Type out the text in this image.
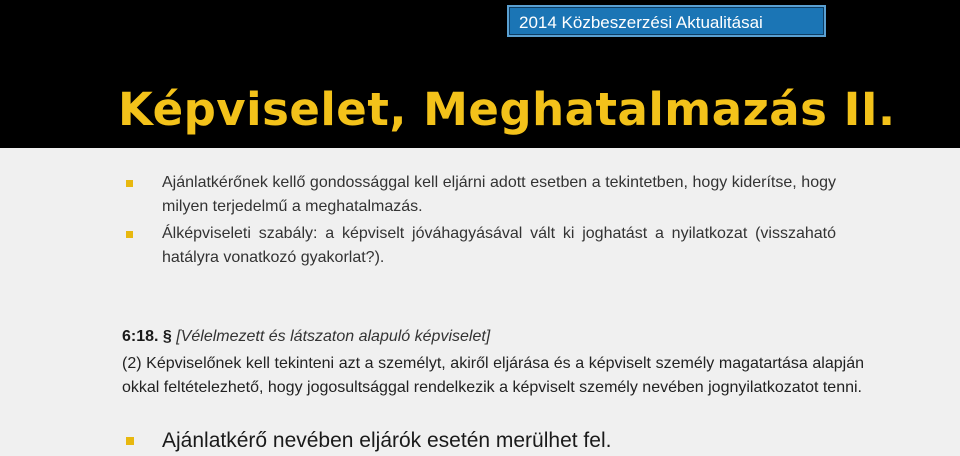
2014 Közbeszerzési Aktualitásai
Képviselet, Meghatalmazás II.
Ajánlatkérőnek kellő gondossággal kell eljárni adott esetben a tekintetben, hogy kiderítse, hogy milyen terjedelmű a meghatalmazás.
Álképviseleti szabály: a képviselt jóváhagyásával vált ki joghatást a nyilatkozat (visszaható hatályra vonatkozó gyakorlat?).
6:18. § [Vélelmezett és látszaton alapuló képviselet]
(2) Képviselőnek kell tekinteni azt a személyt, akiről eljárása és a képviselt személy magatartása alapján okkal feltételezhető, hogy jogosultsággal rendelkezik a képviselt személy nevében jognyilatkozatot tenni.
Ajánlatkérő nevében eljárók esetén merülhet fel.
